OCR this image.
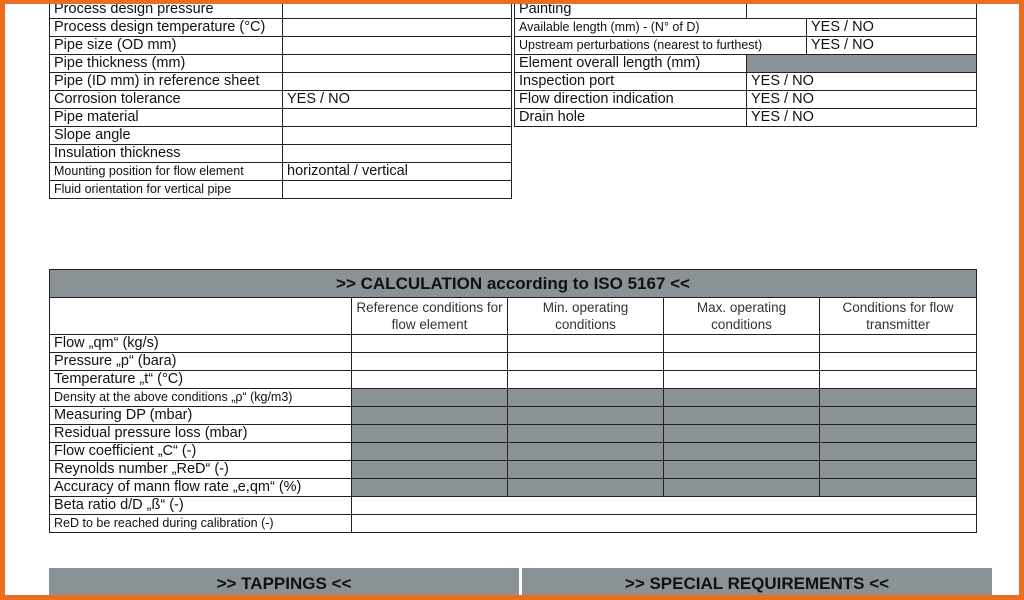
Process design pressure	
Process design temperature (°C)	
Pipe size (OD mm)	
Pipe thickness (mm)	
Pipe (ID mm) in reference sheet	
Corrosion tolerance	YES / NO
Pipe material	
Slope angle	
Insulation thickness	
Mounting position for flow element	horizontal / vertical
Fluid orientation for vertical pipe	
Painting		
Available length (mm) - (N° of D)		YES / NO
Upstream perturbations (nearest to furthest)		YES / NO
Element overall length (mm)		
Inspection port	YES / NO	
Flow direction indication	YES / NO	
Drain hole	YES / NO	
>> CALCULATION according to ISO 5167 <<				
	Reference conditions for flow element	Min. operating conditions	Max. operating conditions	Conditions for flow transmitter
Flow „qm“ (kg/s)				
Pressure „p“ (bara)				
Temperature „t“ (°C)				
Density at the above conditions „ρ“ (kg/m3)				
Measuring DP (mbar)				
Residual pressure loss (mbar)				
Flow coefficient „C“ (-)				
Reynolds number „ReD“ (-)				
Accuracy of mann flow rate „e,qm“ (%)				
Beta ratio d/D „ß“ (-)				
ReD to be reached during calibration (-)				
>> TAPPINGS <<		>> SPECIAL REQUIREMENTS <<
